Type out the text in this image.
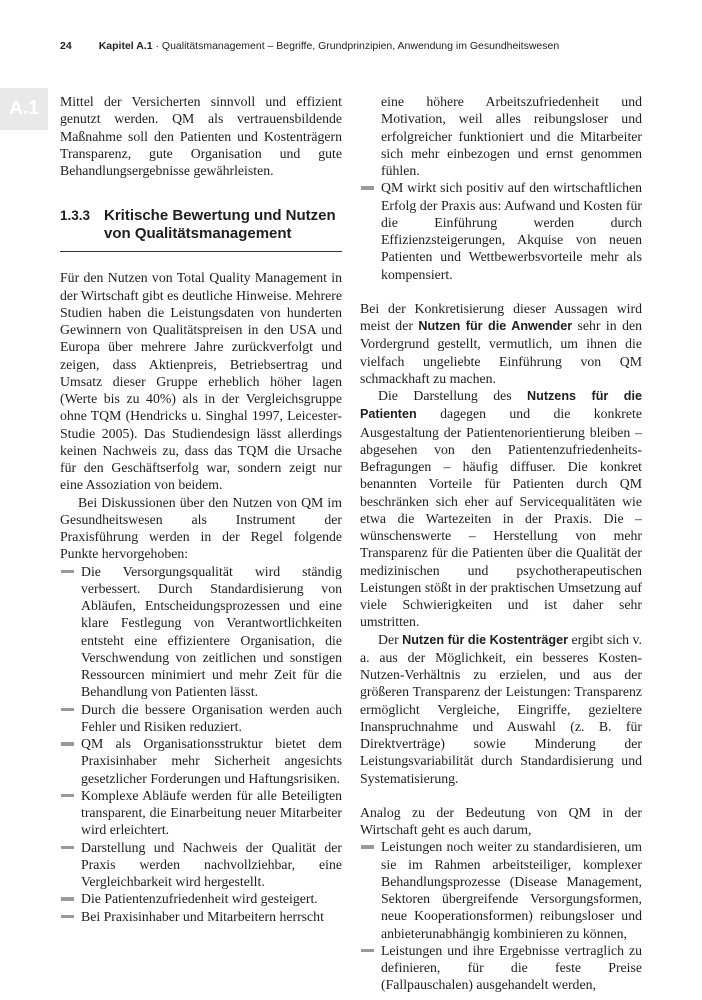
24	Kapitel A.1 · Qualitätsmanagement – Begriffe, Grundprinzipien, Anwendung im Gesundheitswesen
A.1	Mittel der Versicherten sinnvoll und effizient genutzt werden. QM als vertrauensbildende Maßnahme soll den Patienten und Kostenträgern Transparenz, gute Organisation und gute Behandlungsergebnisse gewährleisten.

1.3.3 Kritische Bewertung und Nutzen von Qualitätsmanagement

Für den Nutzen von Total Quality Management in der Wirtschaft gibt es deutliche Hinweise. Mehrere Studien haben die Leistungsdaten von hunderten Gewinnern von Qualitätspreisen in den USA und Europa über mehrere Jahre zurückverfolgt und zeigen, dass Aktienpreis, Betriebsertrag und Umsatz dieser Gruppe erheblich höher lagen (Werte bis zu 40%) als in der Vergleichsgruppe ohne TQM (Hendricks u. Singhal 1997, Leicester-Studie 2005). Das Studiendesign lässt allerdings keinen Nachweis zu, dass das TQM die Ursache für den Geschäftserfolg war, sondern zeigt nur eine Assoziation von beidem.

Bei Diskussionen über den Nutzen von QM im Gesundheitswesen als Instrument der Praxisführung werden in der Regel folgende Punkte hervorgehoben:

Die Versorgungsqualität wird ständig verbessert. Durch Standardisierung von Abläufen, Entscheidungsprozessen und eine klare Festlegung von Verantwortlichkeiten entsteht eine effizientere Organisation, die Verschwendung von zeitlichen und sonstigen Ressourcen minimiert und mehr Zeit für die Behandlung von Patienten lässt.
Durch die bessere Organisation werden auch Fehler und Risiken reduziert.
QM als Organisationsstruktur bietet dem Praxisinhaber mehr Sicherheit angesichts gesetzlicher Forderungen und Haftungsrisiken.
Komplexe Abläufe werden für alle Beteiligten transparent, die Einarbeitung neuer Mitarbeiter wird erleichtert.
Darstellung und Nachweis der Qualität der Praxis werden nachvollziehbar, eine Vergleichbarkeit wird hergestellt.
Die Patientenzufriedenheit wird gesteigert.
Bei Praxisinhaber und Mitarbeitern herrscht

eine höhere Arbeitszufriedenheit und Motivation, weil alles reibungsloser und erfolgreicher funktioniert und die Mitarbeiter sich mehr einbezogen und ernst genommen fühlen.

QM wirkt sich positiv auf den wirtschaftlichen Erfolg der Praxis aus: Aufwand und Kosten für die Einführung werden durch Effizienzsteigerungen, Akquise von neuen Patienten und Wettbewerbsvorteile mehr als kompensiert.

Bei der Konkretisierung dieser Aussagen wird meist der Nutzen für die Anwender sehr in den Vordergrund gestellt, vermutlich, um ihnen die vielfach ungeliebte Einführung von QM schmackhaft zu machen.

Die Darstellung des Nutzens für die Patienten dagegen und die konkrete Ausgestaltung der Patientenorientierung bleiben – abgesehen von den Patientenzufriedenheits-Befragungen – häufig diffuser. Die konkret benannten Vorteile für Patienten durch QM beschränken sich eher auf Servicequalitäten wie etwa die Wartezeiten in der Praxis. Die – wünschenswerte – Herstellung von mehr Transparenz für die Patienten über die Qualität der medizinischen und psychotherapeutischen Leistungen stößt in der praktischen Umsetzung auf viele Schwierigkeiten und ist daher sehr umstritten.

Der Nutzen für die Kostenträger ergibt sich v. a. aus der Möglichkeit, ein besseres Kosten-Nutzen-Verhältnis zu erzielen, und aus der größeren Transparenz der Leistungen: Transparenz ermöglicht Vergleiche, Eingriffe, gezieltere Inanspruchnahme und Auswahl (z. B. für Direktverträge) sowie Minderung der Leistungsvariabilität durch Standardisierung und Systematisierung.

Analog zu der Bedeutung von QM in der Wirtschaft geht es auch darum,

Leistungen noch weiter zu standardisieren, um sie im Rahmen arbeitsteiliger, komplexer Behandlungsprozesse (Disease Management, Sektoren übergreifende Versorgungsformen, neue Kooperationsformen) reibungsloser und anbieterunabhängig kombinieren zu können,
Leistungen und ihre Ergebnisse vertraglich zu definieren, für die feste Preise (Fallpauschalen) ausgehandelt werden,
